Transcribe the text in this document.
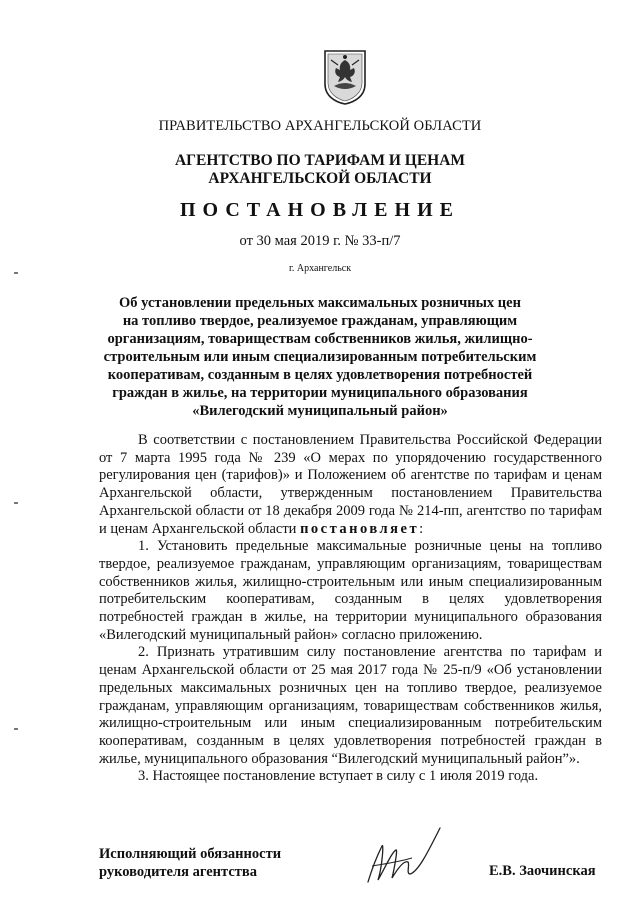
ПРАВИТЕЛЬСТВО АРХАНГЕЛЬСКОЙ ОБЛАСТИ
АГЕНТСТВО ПО ТАРИФАМ И ЦЕНАМ
АРХАНГЕЛЬСКОЙ ОБЛАСТИ
ПОСТАНОВЛЕНИЕ
от 30 мая 2019 г. № 33-п/7
г. Архангельск
Об установлении предельных максимальных розничных цен
на топливо твердое, реализуемое гражданам, управляющим
организациям, товариществам собственников жилья, жилищно-
строительным или иным специализированным потребительским
кооперативам, созданным в целях удовлетворения потребностей
граждан в жилье, на территории муниципального образования
«Вилегодский муниципальный район»

В соответствии с постановлением Правительства Российской Федерации от 7 марта 1995 года № 239 «О мерах по упорядочению государственного регулирования цен (тарифов)» и Положением об агентстве по тарифам и ценам Архангельской области, утвержденным постановлением Правительства Архангельской области от 18 декабря 2009 года № 214-пп, агентство по тарифам и ценам Архангельской области постановляет:

1. Установить предельные максимальные розничные цены на топливо твердое, реализуемое гражданам, управляющим организациям, товариществам собственников жилья, жилищно-строительным или иным специализированным потребительским кооперативам, созданным в целях удовлетворения потребностей граждан в жилье, на территории муниципального образования «Вилегодский муниципальный район» согласно приложению.

2. Признать утратившим силу постановление агентства по тарифам и ценам Архангельской области от 25 мая 2017 года № 25-п/9 «Об установлении предельных максимальных розничных цен на топливо твердое, реализуемое гражданам, управляющим организациям, товариществам собственников жилья, жилищно-строительным или иным специализированным потребительским кооперативам, созданным в целях удовлетворения потребностей граждан в жилье, муниципального образования “Вилегодский муниципальный район”».

3. Настоящее постановление вступает в силу с 1 июля 2019 года.

Исполняющий обязанности
руководителя агентства	Е.В. Заочинская
